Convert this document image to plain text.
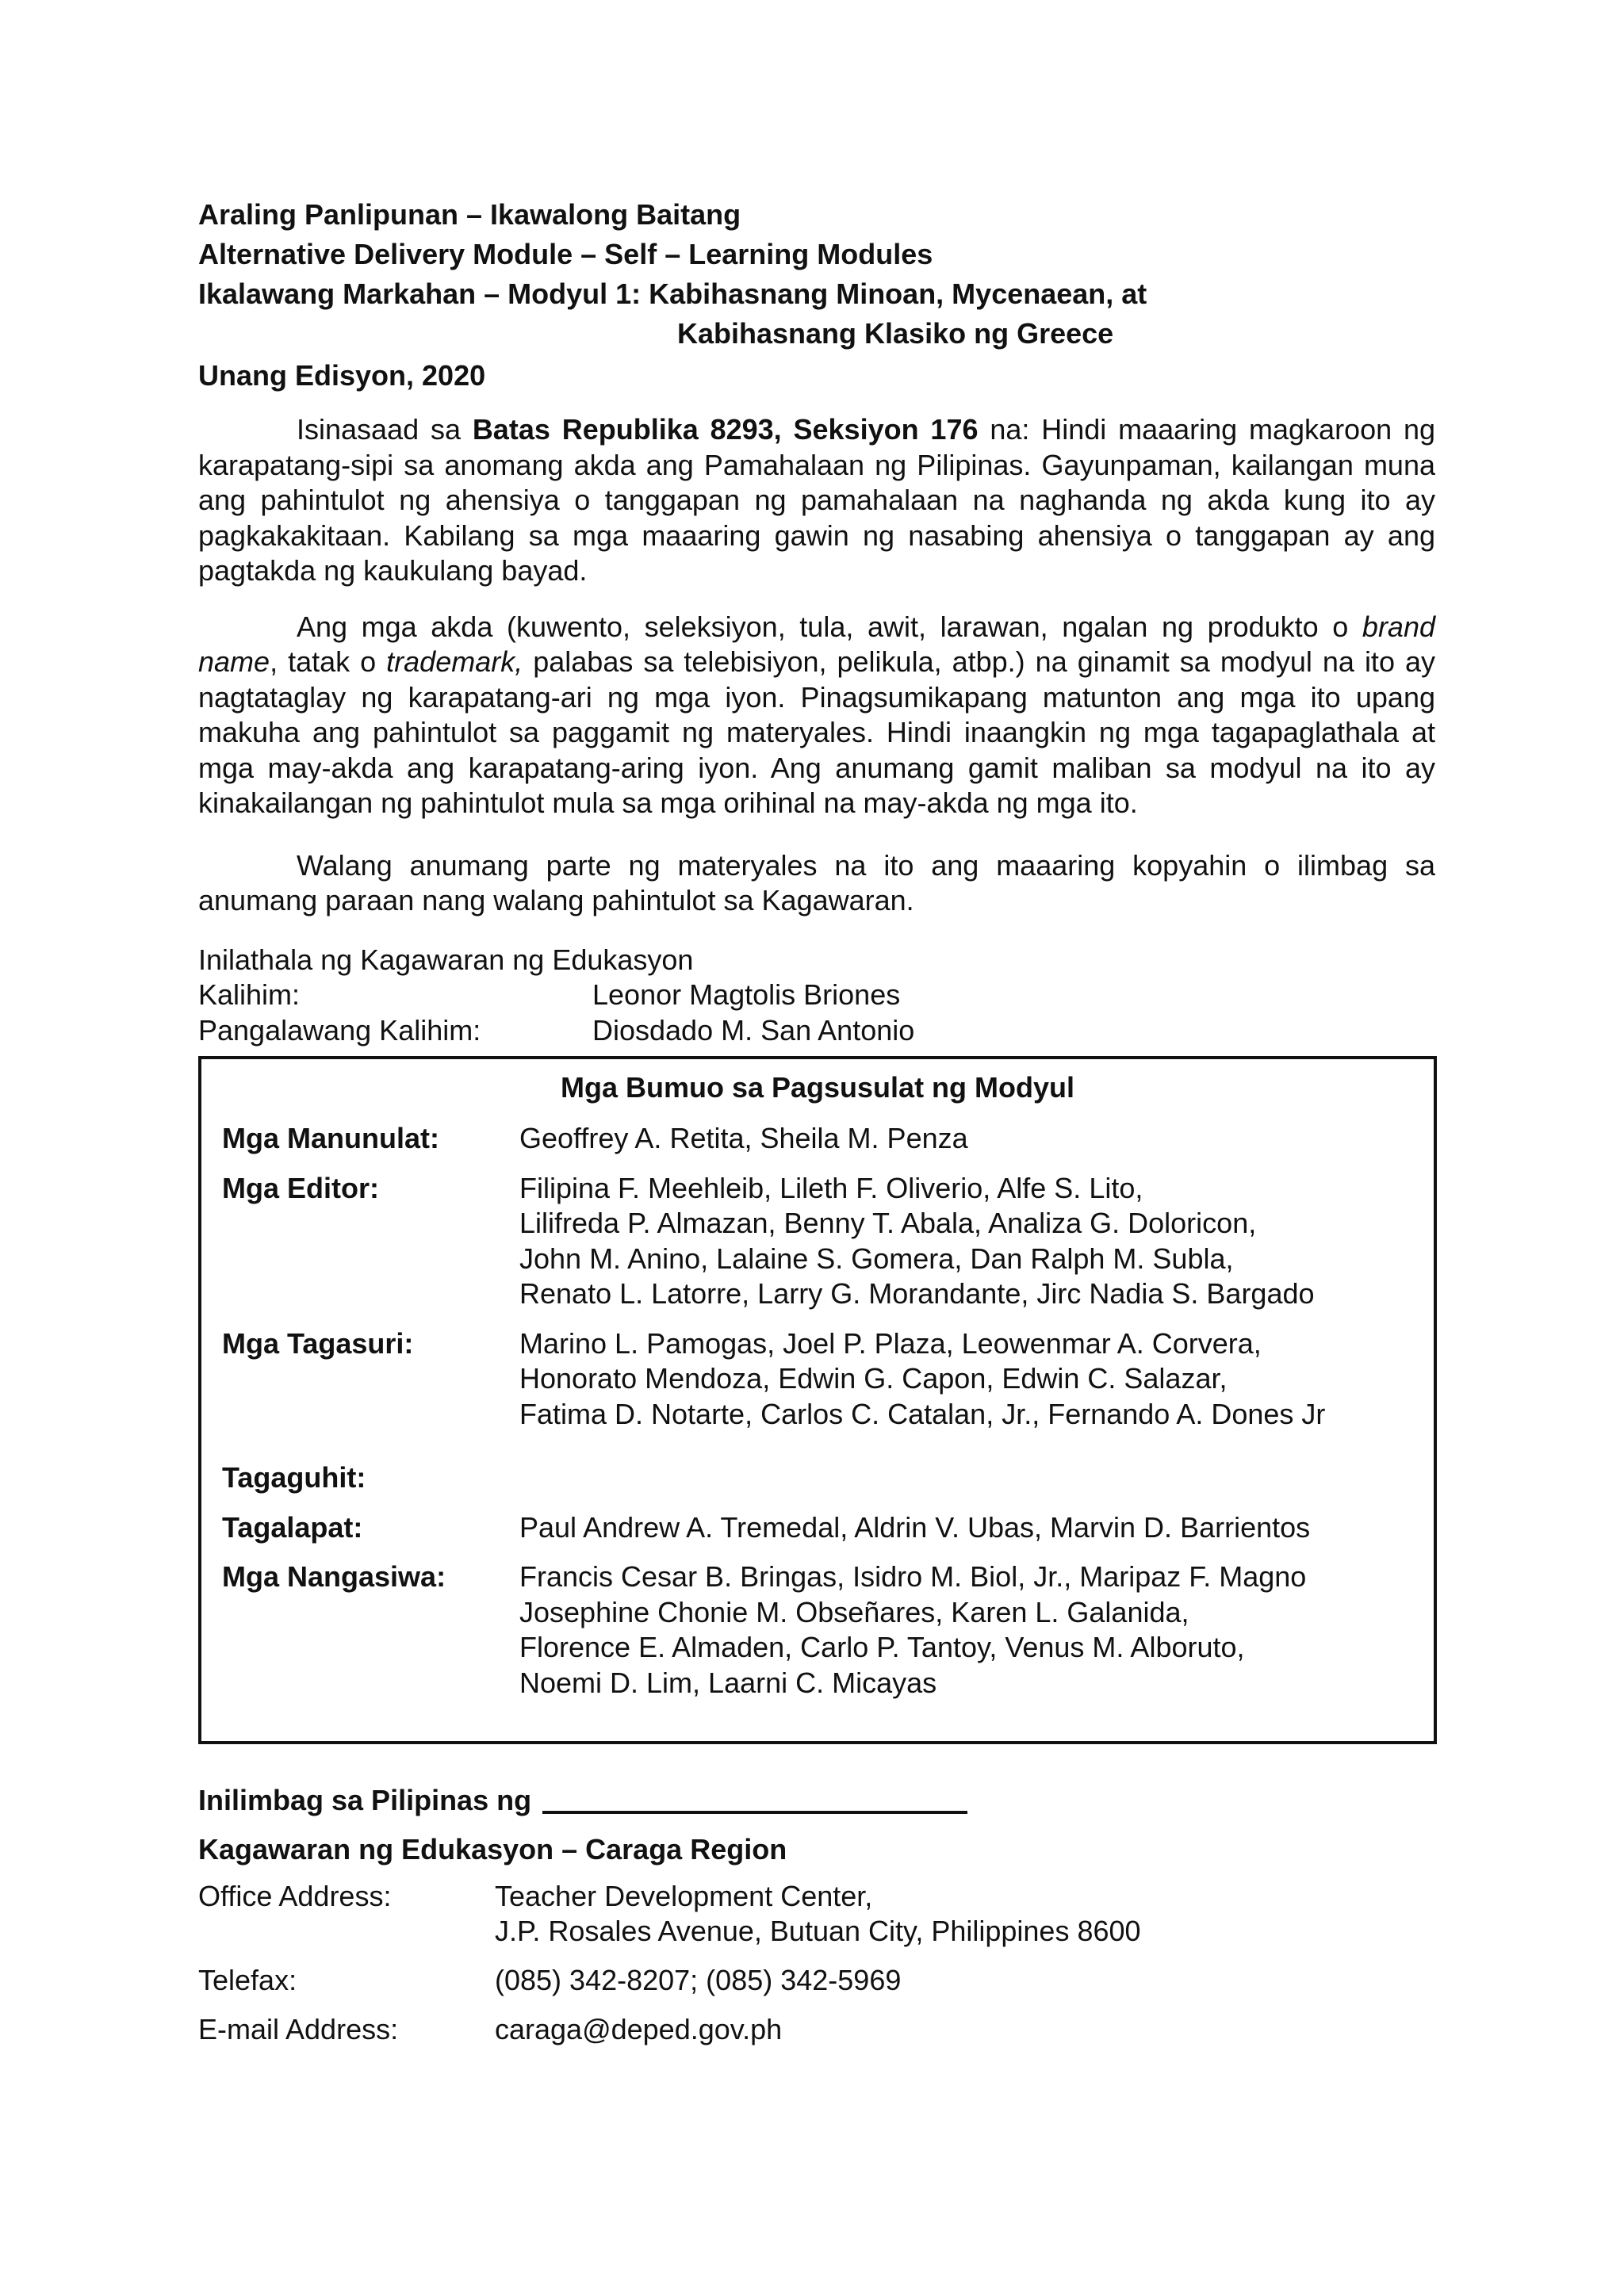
Araling Panlipunan – Ikawalong Baitang
Alternative Delivery Module – Self – Learning Modules
Ikalawang Markahan – Modyul 1: Kabihasnang Minoan, Mycenaean, at
Kabihasnang Klasiko ng Greece
Unang Edisyon, 2020

Isinasaad sa Batas Republika 8293, Seksiyon 176 na: Hindi maaaring magkaroon ng karapatang-sipi sa anomang akda ang Pamahalaan ng Pilipinas. Gayunpaman, kailangan muna ang pahintulot ng ahensiya o tanggapan ng pamahalaan na naghanda ng akda kung ito ay pagkakakitaan. Kabilang sa mga maaaring gawin ng nasabing ahensiya o tanggapan ay ang pagtakda ng kaukulang bayad.

Ang mga akda (kuwento, seleksiyon, tula, awit, larawan, ngalan ng produkto o brand name, tatak o trademark, palabas sa telebisiyon, pelikula, atbp.) na ginamit sa modyul na ito ay nagtataglay ng karapatang-ari ng mga iyon. Pinagsumikapang matunton ang mga ito upang makuha ang pahintulot sa paggamit ng materyales. Hindi inaangkin ng mga tagapaglathala at mga may-akda ang karapatang-aring iyon. Ang anumang gamit maliban sa modyul na ito ay kinakailangan ng pahintulot mula sa mga orihinal na may-akda ng mga ito.

Walang anumang parte ng materyales na ito ang maaaring kopyahin o ilimbag sa anumang paraan nang walang pahintulot sa Kagawaran.

Inilathala ng Kagawaran ng Edukasyon
Kalihim:	Leonor Magtolis Briones
Pangalawang Kalihim:	Diosdado M. San Antonio
Mga Bumuo sa Pagsusulat ng Modyul
Mga Manunulat:	Geoffrey A. Retita, Sheila M. Penza
Mga Editor:	Filipina F. Meehleib, Lileth F. Oliverio, Alfe S. Lito,
Lilifreda P. Almazan, Benny T. Abala, Analiza G. Doloricon,
John M. Anino, Lalaine S. Gomera, Dan Ralph M. Subla,
Renato L. Latorre, Larry G. Morandante, Jirc Nadia S. Bargado
Mga Tagasuri:	Marino L. Pamogas, Joel P. Plaza, Leowenmar A. Corvera,
Honorato Mendoza, Edwin G. Capon, Edwin C. Salazar,
Fatima D. Notarte, Carlos C. Catalan, Jr., Fernando A. Dones Jr
Tagaguhit:
Tagalapat:	Paul Andrew A. Tremedal, Aldrin V. Ubas, Marvin D. Barrientos
Mga Nangasiwa:	Francis Cesar B. Bringas, Isidro M. Biol, Jr., Maripaz F. Magno
Josephine Chonie M. Obseñares, Karen L. Galanida,
Florence E. Almaden, Carlo P. Tantoy, Venus M. Alboruto,
Noemi D. Lim, Laarni C. Micayas
Inilimbag sa Pilipinas ng
Kagawaran ng Edukasyon – Caraga Region
Office Address:	Teacher Development Center,
J.P. Rosales Avenue, Butuan City, Philippines 8600
Telefax:	(085) 342-8207; (085) 342-5969
E-mail Address:	caraga@deped.gov.ph
